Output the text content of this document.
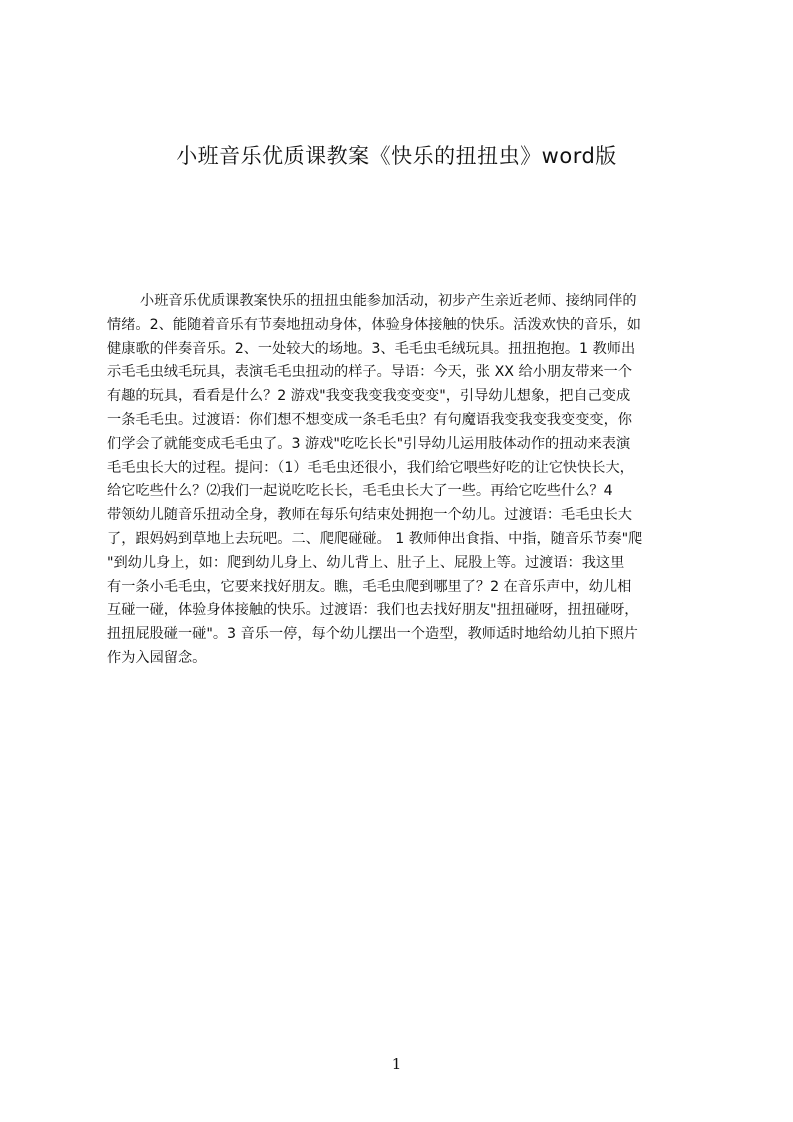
小班音乐优质课教案《快乐的扭扭虫》word版
小班音乐优质课教案快乐的扭扭虫能参加活动，初步产生亲近老师、接纳同伴的
情绪。2、能随着音乐有节奏地扭动身体，体验身体接触的快乐。活泼欢快的音乐，如
健康歌的伴奏音乐。2、一处较大的场地。3、毛毛虫毛绒玩具。扭扭抱抱。1 教师出
示毛毛虫绒毛玩具，表演毛毛虫扭动的样子。导语：今天，张 XX 给小朋友带来一个
有趣的玩具，看看是什么？2 游戏"我变我变我变变变"，引导幼儿想象，把自己变成
一条毛毛虫。过渡语：你们想不想变成一条毛毛虫？有句魔语我变我变我变变变，你
们学会了就能变成毛毛虫了。3 游戏"吃吃长长"引导幼儿运用肢体动作的扭动来表演
毛毛虫长大的过程。提问：（1）毛毛虫还很小，我们给它喂些好吃的让它快快长大，
给它吃些什么？⑵我们一起说吃吃长长，毛毛虫长大了一些。再给它吃些什么？4
带领幼儿随音乐扭动全身，教师在每乐句结束处拥抱一个幼儿。过渡语：毛毛虫长大
了，跟妈妈到草地上去玩吧。二、爬爬碰碰。 1 教师伸出食指、中指，随音乐节奏"爬
"到幼儿身上，如：爬到幼儿身上、幼儿背上、肚子上、屁股上等。过渡语：我这里
有一条小毛毛虫，它要来找好朋友。瞧，毛毛虫爬到哪里了？2 在音乐声中，幼儿相
互碰一碰，体验身体接触的快乐。过渡语：我们也去找好朋友"扭扭碰呀，扭扭碰呀，
扭扭屁股碰一碰"。3 音乐一停，每个幼儿摆出一个造型，教师适时地给幼儿拍下照片
作为入园留念。
1
